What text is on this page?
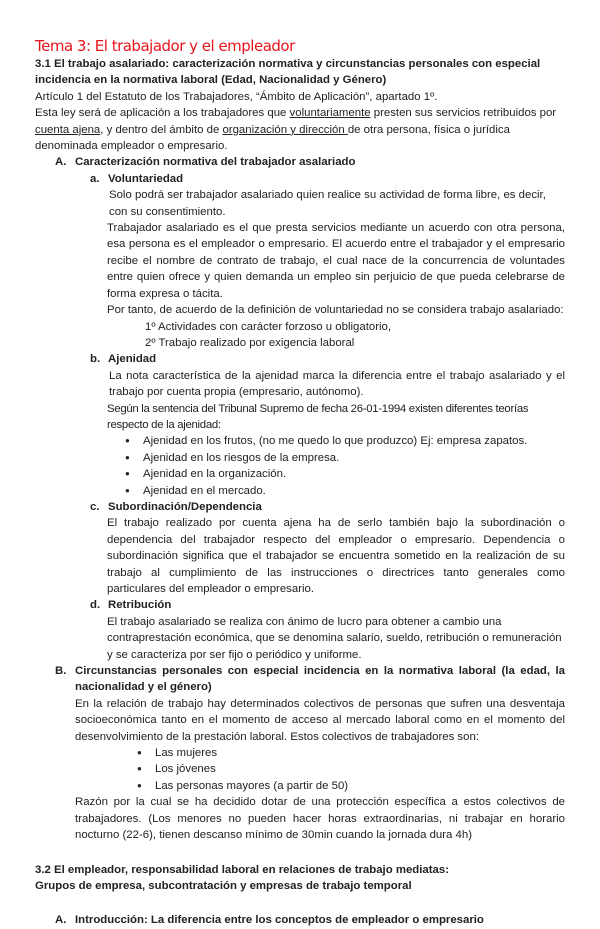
Tema 3: El trabajador y el empleador
3.1 El trabajo asalariado: caracterización normativa y circunstancias personales con especial incidencia en la normativa laboral (Edad, Nacionalidad y Género)
Artículo 1 del Estatuto de los Trabajadores, “Ámbito de Aplicación”, apartado 1º.
Esta ley será de aplicación a los trabajadores que voluntariamente presten sus servicios retribuidos por cuenta ajena, y dentro del ámbito de organización y dirección de otra persona, física o jurídica denominada empleador o empresario.
A. Caracterización normativa del trabajador asalariado
a. Voluntariedad
Solo podrá ser trabajador asalariado quien realice su actividad de forma libre, es decir, con su consentimiento.
Trabajador asalariado es el que presta servicios mediante un acuerdo con otra persona, esa persona es el empleador o empresario. El acuerdo entre el trabajador y el empresario recibe el nombre de contrato de trabajo, el cual nace de la concurrencia de voluntades entre quien ofrece y quien demanda un empleo sin perjuicio de que pueda celebrarse de forma expresa o tácita.
Por tanto, de acuerdo de la definición de voluntariedad no se considera trabajo asalariado:
1º Actividades con carácter forzoso u obligatorio,
2º Trabajo realizado por exigencia laboral
b. Ajenidad
La nota característica de la ajenidad marca la diferencia entre el trabajo asalariado y el trabajo por cuenta propia (empresario, autónomo).
Según la sentencia del Tribunal Supremo de fecha 26-01-1994 existen diferentes teorías respecto de la ajenidad:
● Ajenidad en los frutos, (no me quedo lo que produzco) Ej: empresa zapatos.
● Ajenidad en los riesgos de la empresa.
● Ajenidad en la organización.
● Ajenidad en el mercado.
c. Subordinación/Dependencia
El trabajo realizado por cuenta ajena ha de serlo también bajo la subordinación o dependencia del trabajador respecto del empleador o empresario. Dependencia o subordinación significa que el trabajador se encuentra sometido en la realización de su trabajo al cumplimiento de las instrucciones o directrices tanto generales como particulares del empleador o empresario.
d. Retribución
El trabajo asalariado se realiza con ánimo de lucro para obtener a cambio una contraprestación económica, que se denomina salario, sueldo, retribución o remuneración y se caracteriza por ser fijo o periódico y uniforme.
B. Circunstancias personales con especial incidencia en la normativa laboral (la edad, la nacionalidad y el género)
En la relación de trabajo hay determinados colectivos de personas que sufren una desventaja socioeconómica tanto en el momento de acceso al mercado laboral como en el momento del desenvolvimiento de la prestación laboral. Estos colectivos de trabajadores son:
● Las mujeres
● Los jóvenes
● Las personas mayores (a partir de 50)
Razón por la cual se ha decidido dotar de una protección específica a estos colectivos de trabajadores. (Los menores no pueden hacer horas extraordinarias, ni trabajar en horario nocturno (22-6), tienen descanso mínimo de 30min cuando la jornada dura 4h)
3.2 El empleador, responsabilidad laboral en relaciones de trabajo mediatas:
Grupos de empresa, subcontratación y empresas de trabajo temporal
A. Introducción: La diferencia entre los conceptos de empleador o empresario
